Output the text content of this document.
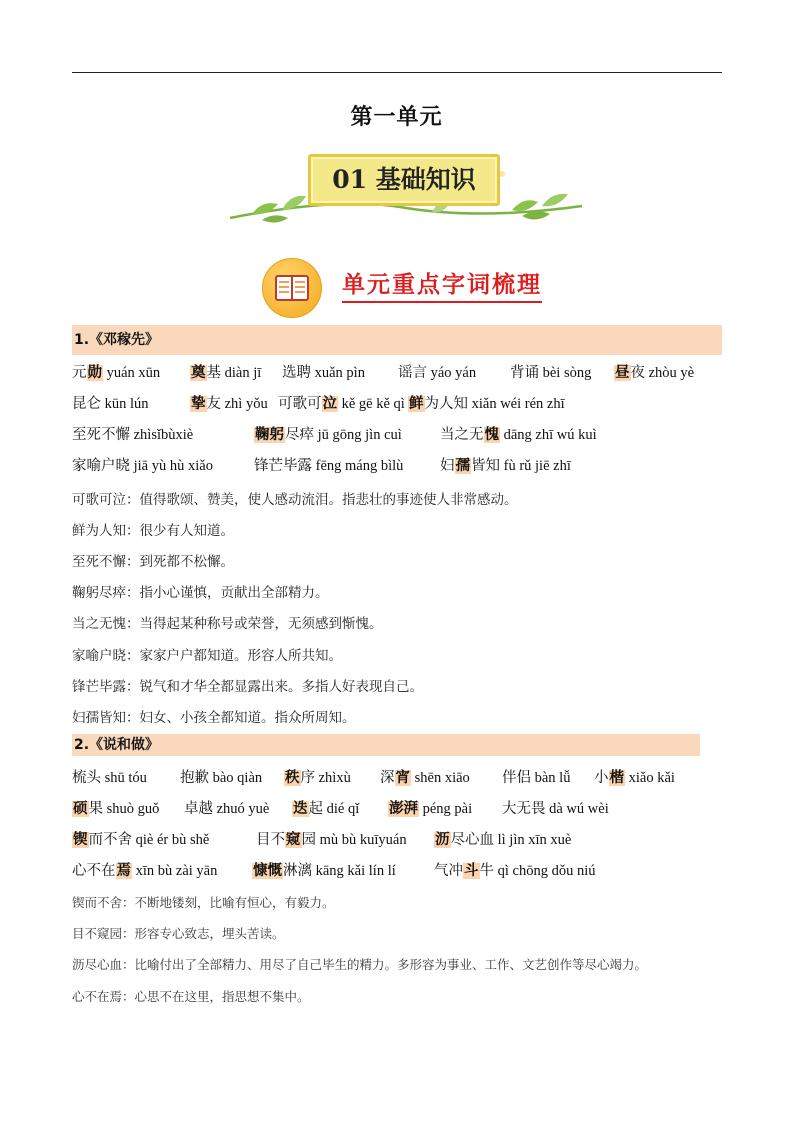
第一单元
01 基础知识
单元重点字词梳理
1.《邓稼先》
元勋 yuán xūn 奠基 diàn jī 选聘 xuǎn pìn 谣言 yáo yán 背诵 bèi sòng 昼夜 zhòu yè
昆仑 kūn lún	挚友 zhì yǒu 可歌可泣 kě gē kě qì 鲜为人知 xiǎn wéi rén zhī
至死不懈 zhìsǐbùxiè	鞠躬尽瘁 jū gōng jìn cuì	当之无愧 dāng zhī wú kuì
家喻户晓 jiā yù hù xiǎo	锋芒毕露 fēng máng bìlù	妇孺皆知 fù rǔ jiē zhī
可歌可泣：值得歌颂、赞美，使人感动流泪。指悲壮的事迹使人非常感动。
鲜为人知：很少有人知道。
至死不懈：到死都不松懈。
鞠躬尽瘁：指小心谨慎，贡献出全部精力。
当之无愧：当得起某种称号或荣誉，无须感到惭愧。
家喻户晓：家家户户都知道。形容人所共知。
锋芒毕露：锐气和才华全都显露出来。多指人好表现自己。
妇孺皆知：妇女、小孩全都知道。指众所周知。
2.《说和做》
梳头 shū tóu 抱歉 bào qiàn 秩序 zhìxù 深宵 shēn xiāo 伴侣 bàn lǚ 小楷 xiǎo kǎi
硕果 shuò guǒ 卓越 zhuó yuè 迭起 dié qǐ 澎湃 péng pài 大无畏 dà wú wèi
锲而不舍 qiè ér bù shě	目不窥园 mù bù kuīyuán 沥尽心血 lì jìn xīn xuè
心不在焉 xīn bù zài yān 慷慨淋漓 kāng kǎi lín lí	气冲斗牛 qì chōng dǒu niú
锲而不舍：不断地镂刻，比喻有恒心，有毅力。
目不窥园：形容专心致志，埋头苦读。
沥尽心血：比喻付出了全部精力、用尽了自己毕生的精力。多形容为事业、工作、文艺创作等尽心竭力。
心不在焉：心思不在这里，指思想不集中。
